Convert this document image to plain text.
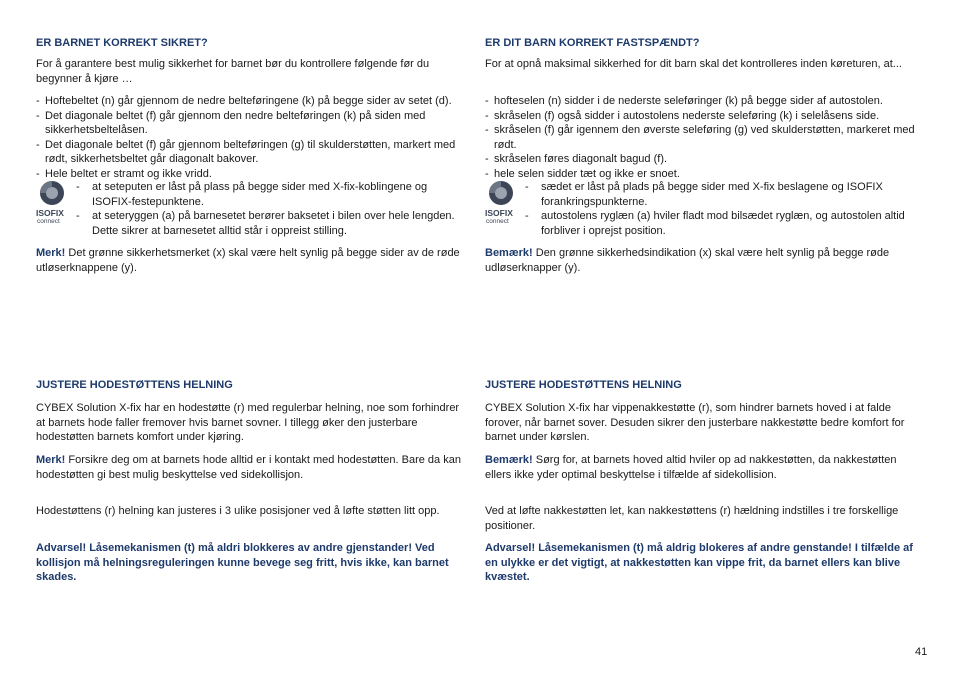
ER BARNET KORREKT SIKRET?

For å garantere best mulig sikkerhet for barnet bør du kontrollere følgende før du begynner å kjøre …

- Hoftebeltet (n) går gjennom de nedre belteføringene (k) på begge sider av setet (d).
- Det diagonale beltet (f) går gjennom den nedre belteføringen (k) på siden med sikkerhetsbeltelåsen.
- Det diagonale beltet (f) går gjennom belteføringen (g) til skulderstøtten, markert med rødt, sikkerhetsbeltet går diagonalt bakover.
- Hele beltet er stramt og ikke vridd.
ISOFIX
connect
-	at seteputen er låst på plass på begge sider med X-fix-koblingene og ISOFIX-festepunktene.
-	at seteryggen (a) på barnesetet berører baksetet i bilen over hele lengden. Dette sikrer at barnesetet alltid står i oppreist stilling.

Merk! Det grønne sikkerhetsmerket (x) skal være helt synlig på begge sider av de røde utløserknappene (y).

JUSTERE HODESTØTTENS HELNING

CYBEX Solution X-fix har en hodestøtte (r) med regulerbar helning, noe som forhindrer at barnets hode faller fremover hvis barnet sovner. I tillegg øker den justerbare hodestøtten barnets komfort under kjøring.

Merk! Forsikre deg om at barnets hode alltid er i kontakt med hodestøtten. Bare da kan hodestøtten gi best mulig beskyttelse ved sidekollisjon.

Hodestøttens (r) helning kan justeres i 3 ulike posisjoner ved å løfte støtten litt opp.

Advarsel! Låsemekanismen (t) må aldri blokkeres av andre gjenstander! Ved kollisjon må helningsreguleringen kunne bevege seg fritt, hvis ikke, kan barnet skades.

ER DIT BARN KORREKT FASTSPÆNDT?

For at opnå maksimal sikkerhed for dit barn skal det kontrolleres inden køreturen, at...

- hofteselen (n) sidder i de nederste seleføringer (k) på begge sider af autostolen.
- skråselen (f) også sidder i autostolens nederste seleføring (k) i selelåsens side.
- skråselen (f) går igennem den øverste seleføring (g) ved skulderstøtten, markeret med rødt.
- skråselen føres diagonalt bagud (f).
- hele selen sidder tæt og ikke er snoet.
ISOFIX
connect
-	sædet er låst på plads på begge sider med X-fix beslagene og ISOFIX forankringspunkterne.
-	autostolens ryglæn (a) hviler fladt mod bilsædet ryglæn, og autostolen altid forbliver i oprejst position.

Bemærk! Den grønne sikkerhedsindikation (x) skal være helt synlig på begge røde udløserknapper (y).

JUSTERE HODESTØTTENS HELNING

CYBEX Solution X-fix har vippenakkestøtte (r), som hindrer barnets hoved i at falde forover, når barnet sover. Desuden sikrer den justerbare nakkestøtte bedre komfort for barnet under kørslen.

Bemærk! Sørg for, at barnets hoved altid hviler op ad nakkestøtten, da nakkestøtten ellers ikke yder optimal beskyttelse i tilfælde af sidekollision.

Ved at løfte nakkestøtten let, kan nakkestøttens (r) hældning indstilles i tre forskellige positioner.

Advarsel! Låsemekanismen (t) må aldrig blokeres af andre genstande! I tilfælde af en ulykke er det vigtigt, at nakkestøtten kan vippe frit, da barnet ellers kan blive kvæstet.

41
